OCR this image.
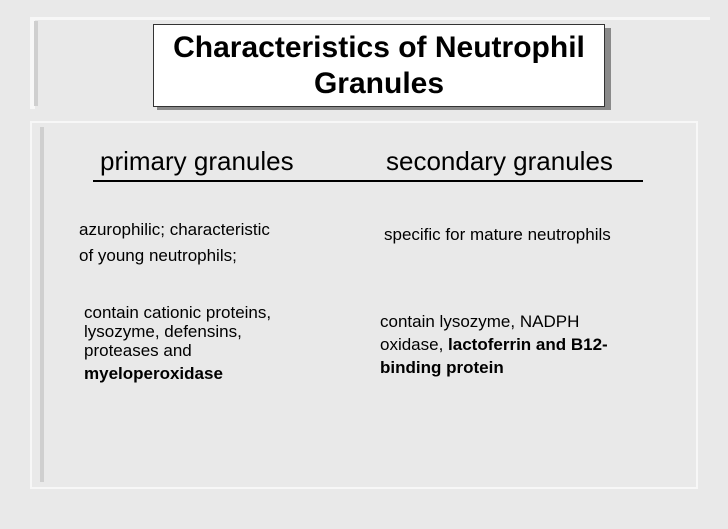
Characteristics of Neutrophil
Granules
primary granules	secondary granules
azurophilic; characteristic
of young neutrophils;
specific for mature neutrophils
contain cationic proteins,
lysozyme, defensins,
proteases and
myeloperoxidase
contain lysozyme, NADPH
oxidase, lactoferrin and B12-
binding protein
